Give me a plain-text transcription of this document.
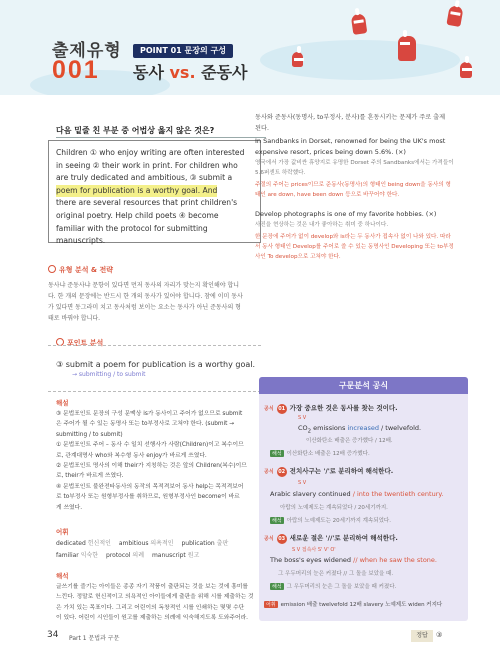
출제유형
001
POINT 01 문장의 구성
동사 vs. 준동사
다음 밑줄 친 부분 중 어법상 옳지 않은 것은?
Children ① who enjoy writing are often interested
in seeing ② their work in print. For children who
are truly dedicated and ambitious, ③ submit a
poem for publication is a worthy goal. And
there are several resources that print children's
original poetry. Help child poets ④ become
familiar with the protocol for submitting
manuscripts.
유형 분석 & 전략
동사냐 준동사냐 문항이 있다면 먼저 동사의 자리가 맞는지 확인해야 합니
다. 한 개의 문장에는 반드시 한 개의 동사가 있어야 합니다. 참에 이미 동사
가 있다면 동그라미 치고 동사처럼 보이는 요소는 동사가 아닌 준동사의 형
태로 바꿔야 합니다.
포인트 분석
③ submit a poem for publication is a worthy goal.
→ submitting / to submit
해설
③ 문법포인트 문장의 구성 문맥상 is가 동사이고 주어가 없으므로 submit
은 주어가 될 수 있는 동명사 또는 to부정사로 고쳐야 한다. (submit →
submitting / to submit)
① 문법포인트 주어 – 동사 수 일치 선행사가 사람(Children)이고 복수이므
로, 관계대명사 who와 복수형 동사 enjoy가 바르게 쓰였다.
② 문법포인트 명사의 이해 their가 지칭하는 것은 앞의 Children(복수)이므
로, their가 바르게 쓰였다.
④ 문법포인트 불완전타동사의 동작의 목적격보어 동사 help는 목적격보어
로 to부정사 또는 원형부정사를 취하므로, 원형부정사인 become이 바르
게 쓰였다.
어휘
dedicated 헌신적인 ambitious 의욕적인 publication 출판
familiar 익숙한 protocol 의례 manuscript 원고
해석
글쓰기를 즐기는 아이들은 종종 자기 작품이 출판되는 것을 보는 것에 흥미를
느낀다. 정말로 헌신적이고 의욕적인 아이들에게 출판을 위해 시를 제출하는 것
은 가치 있는 목표이다. 그리고 어린이의 독창적인 시를 인쇄하는 몇몇 수단
이 있다. 어린이 시인들이 원고를 제출하는 의례에 익숙해지도록 도와주어라.
34 Part 1 문법과 구문	정답	③
동사와 준동사(동명사, to부정사, 분사)를 혼동시키는 문제가 주로 출제
된다.
In Sandbanks in Dorset, renowned for being the UK's most
expensive resort, prices being down 5.6%. (×)
영국에서 가장 값비싼 휴양지로 유명한 Dorset 주의 Sandbanks에서는 가격들이
5.6퍼센트 하락했다.
주절의 주어는 prices이므로 준동사(동명사)의 형태인 being down을 동사의 형
태인 are down, have been down 등으로 바꾸어야 한다.
Develop photographs is one of my favorite hobbies. (×)
사진을 현상하는 것은 내가 좋아하는 취미 중 하나이다.
한 문장에 주어가 없이 develop와 is라는 두 동사가 접속사 없이 나와 있다. 따라
서 동사 형태인 Develop를 주어로 쓸 수 있는 동명사인 Developing 또는 to부정
사인 To develop으로 고쳐야 한다.
구문분석 공식
공식 01 가장 중요한 것은 동사를 찾는 것이다.
S V
$CO_2$ emissions increased / twelvefold.
이산화탄소 배출은 증가했다 / 12배.
해석 이산화탄소 배출은 12배 증가했다.
공식 02 전치사구는 '/'로 분리하여 해석한다.
S V
Arabic slavery continued / into the twentieth century.
아랍의 노예제도는 계속되었다 / 20세기까지.
해석 아랍의 노예제도는 20세기까지 계속되었다.
공식 03 새로운 절은 '//'로 분리하여 해석한다.
S V 접속사 S' V' O'
The boss's eyes widened // when he saw the stone.
그 우두머리의 눈은 커졌다 // 그 돌을 보았을 때.
해석 그 우두머리의 눈은 그 돌을 보았을 때 커졌다.
어휘 emission 배출 twelvefold 12배 slavery 노예제도 widen 커지다
